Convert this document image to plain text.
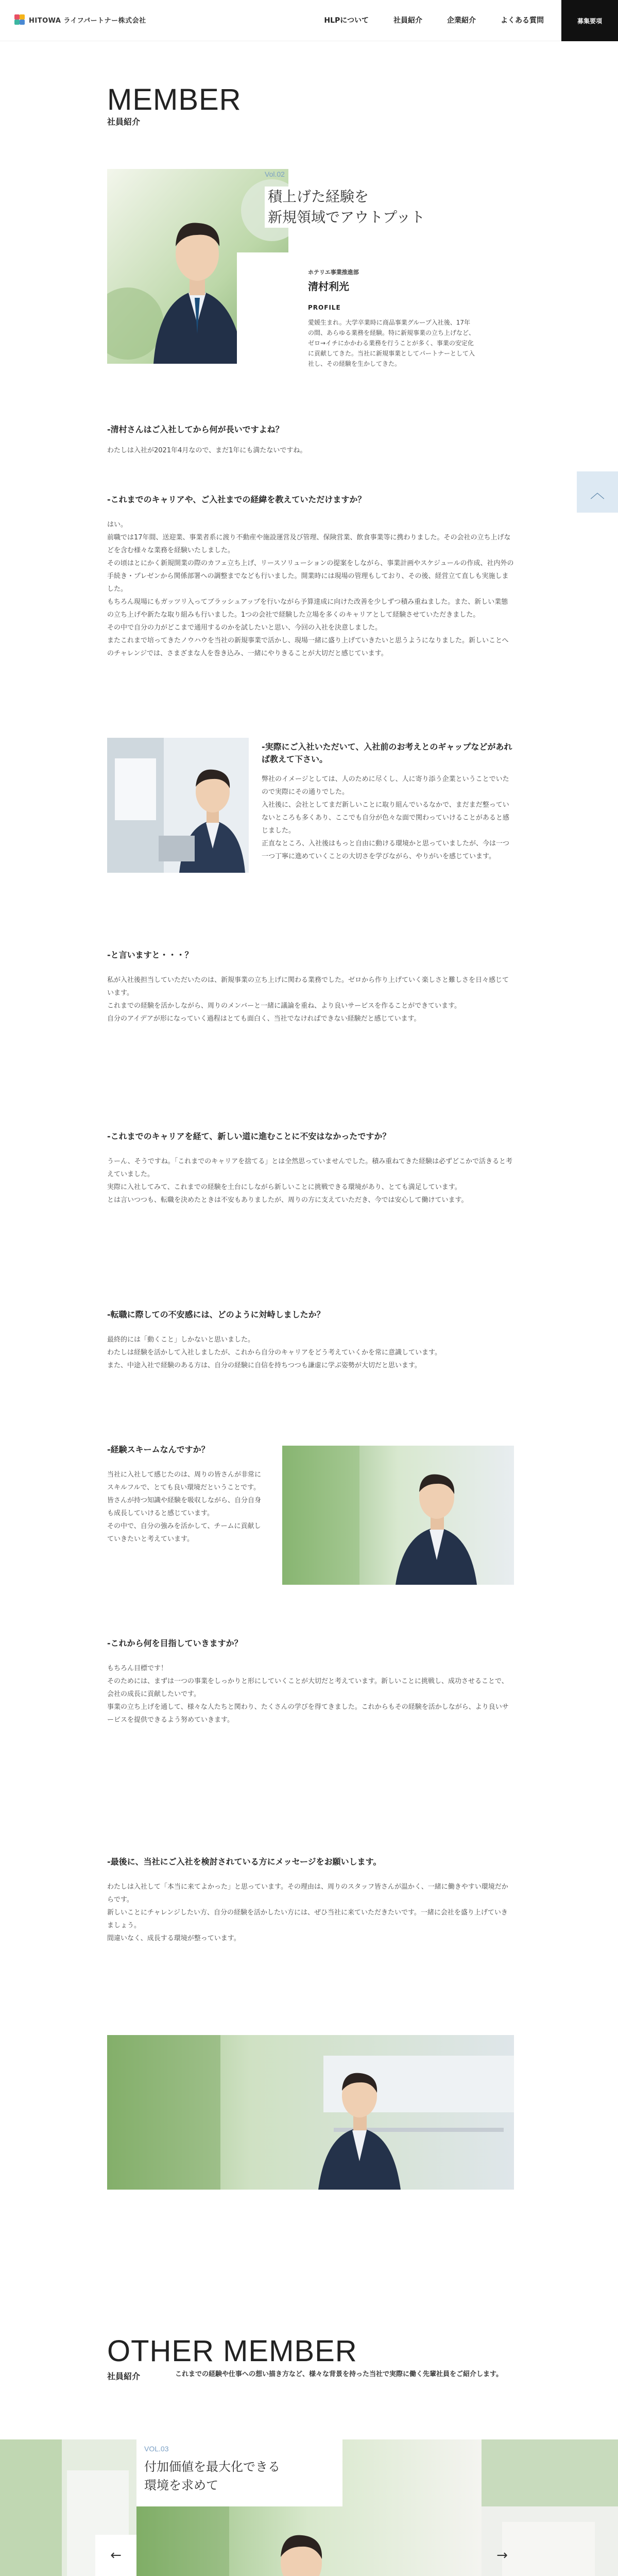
HITOWA ライフパートナー株式会社	HLPについて	社員紹介	企業紹介	よくある質問	募集要項
︿
MEMBER
社員紹介
Vol.02
積上げた経験を
新規領域でアウトプット
ホテリエ事業推進部
清村利光
PROFILE
愛媛生まれ。大学卒業時に商品事業グループ入社後、17年の間、あらゆる業務を経験。特に新規事業の立ち上げなど、ゼロ→イチにかかわる業務を行うことが多く、事業の安定化に貢献してきた。当社に新規事業としてパートナーとして入社し、その経験を生かしてきた。
-清村さんはご入社してから何が長いですよね？
わたしは入社が2021年4月なので、まだ1年にも満たないですね。
-これまでのキャリアや、ご入社までの経緯を教えていただけますか？

はい。

前職では17年間、送迎業、事業者系に渡り不動産や施設運営及び管理、保険営業、飲食事業等に携わりました。その会社の立ち上げなどを含む様々な業務を経験いたしました。

その頃はとにかく新規開業の際のカフェ立ち上げ、リースソリューションの提案をしながら、事業計画やスケジュールの作成、社内外の手続き・プレゼンから関係部署への調整までなども行いました。開業時には現場の管理もしており、その後、経営立て直しも実施しました。

もちろん現場にもガッツリ入ってブラッシュアップを行いながら予算達成に向けた改善を少しずつ積み重ねました。また、新しい業態の立ち上げや新たな取り組みも行いました。1つの会社で経験した立場を多くのキャリアとして経験させていただきました。

その中で自分の力がどこまで通用するのかを試したいと思い、今回の入社を決意しました。

またこれまで培ってきたノウハウを当社の新規事業で活かし、現場一緒に盛り上げていきたいと思うようになりました。新しいことへのチャレンジでは、さまざまな人を巻き込み、一緒にやりきることが大切だと感じています。

-実際にご入社いただいて、入社前のお考えとのギャップなどがあれば教えて下さい。

弊社のイメージとしては、人のために尽くし、人に寄り添う企業ということでいたので実際にその通りでした。

入社後に、会社としてまだ新しいことに取り組んでいるなかで、まだまだ整っていないところも多くあり、ここでも自分が色々な面で関わっていけることがあると感じました。

正直なところ、入社後はもっと自由に動ける環境かと思っていましたが、今は一つ一つ丁寧に進めていくことの大切さを学びながら、やりがいを感じています。

-と言いますと・・・？

私が入社後担当していただいたのは、新規事業の立ち上げに関わる業務でした。ゼロから作り上げていく楽しさと難しさを日々感じています。

これまでの経験を活かしながら、周りのメンバーと一緒に議論を重ね、より良いサービスを作ることができています。

自分のアイデアが形になっていく過程はとても面白く、当社でなければできない経験だと感じています。

-これまでのキャリアを経て、新しい道に進むことに不安はなかったですか？

うーん、そうですね。「これまでのキャリアを捨てる」とは全然思っていませんでした。積み重ねてきた経験は必ずどこかで活きると考えていました。

実際に入社してみて、これまでの経験を土台にしながら新しいことに挑戦できる環境があり、とても満足しています。

とは言いつつも、転職を決めたときは不安もありましたが、周りの方に支えていただき、今では安心して働けています。

-転職に際しての不安感には、どのように対峙しましたか？

最終的には「動くこと」しかないと思いました。

わたしは経験を活かして入社しましたが、これから自分のキャリアをどう考えていくかを常に意識しています。

また、中途入社で経験のある方は、自分の経験に自信を持ちつつも謙虚に学ぶ姿勢が大切だと思います。

-経験スキームなんですか？

当社に入社して感じたのは、周りの皆さんが非常にスキルフルで、とても良い環境だということです。

皆さんが持つ知識や経験を吸収しながら、自分自身も成長していけると感じています。

その中で、自分の強みを活かして、チームに貢献していきたいと考えています。

-これから何を目指していきますか？

もちろん目標です！

そのためには、まずは一つの事業をしっかりと形にしていくことが大切だと考えています。新しいことに挑戦し、成功させることで、会社の成長に貢献したいです。

事業の立ち上げを通して、様々な人たちと関わり、たくさんの学びを得てきました。これからもその経験を活かしながら、より良いサービスを提供できるよう努めていきます。

-最後に、当社にご入社を検討されている方にメッセージをお願いします。

わたしは入社して「本当に来てよかった」と思っています。その理由は、周りのスタッフ皆さんが温かく、一緒に働きやすい環境だからです。

新しいことにチャレンジしたい方、自分の経験を活かしたい方には、ぜひ当社に来ていただきたいです。一緒に会社を盛り上げていきましょう。

間違いなく、成長する環境が整っています。

OTHER MEMBER
社員紹介	これまでの経験や仕事への想い描き方など、様々な背景を持った当社で実際に働く先輩社員をご紹介します。
VOL.03
付加価値を最大化できる
環境を求めて
←	→
